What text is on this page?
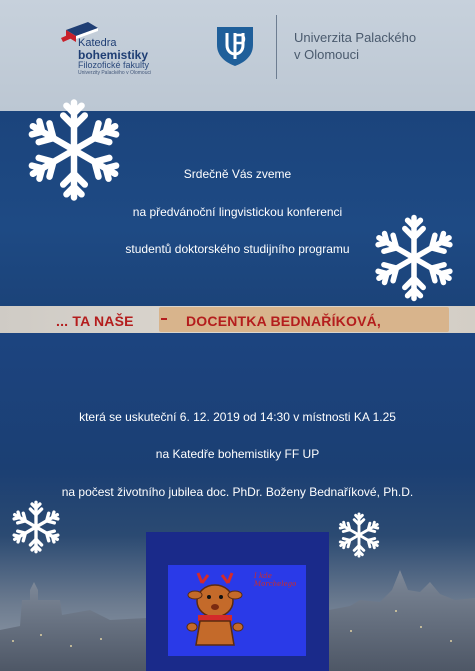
Katedra
bohemistiky
Filozofické fakulty
Univerzity Palackého v Olomouci
Univerzita Palackého
v Olomouci
Srdečně Vás zveme
na předvánoční lingvistickou konferenci
studentů doktorského studijního programu
... TA NAŠE	DOCENTKA BEDNAŘÍKOVÁ,
která se uskuteční 6. 12. 2019 od 14:30 v místnosti KA 1.25
na Katedře bohemistiky FF UP
na počest životního jubilea doc. PhDr. Boženy Bednaříkové, Ph.D.
I kde Morchelego
